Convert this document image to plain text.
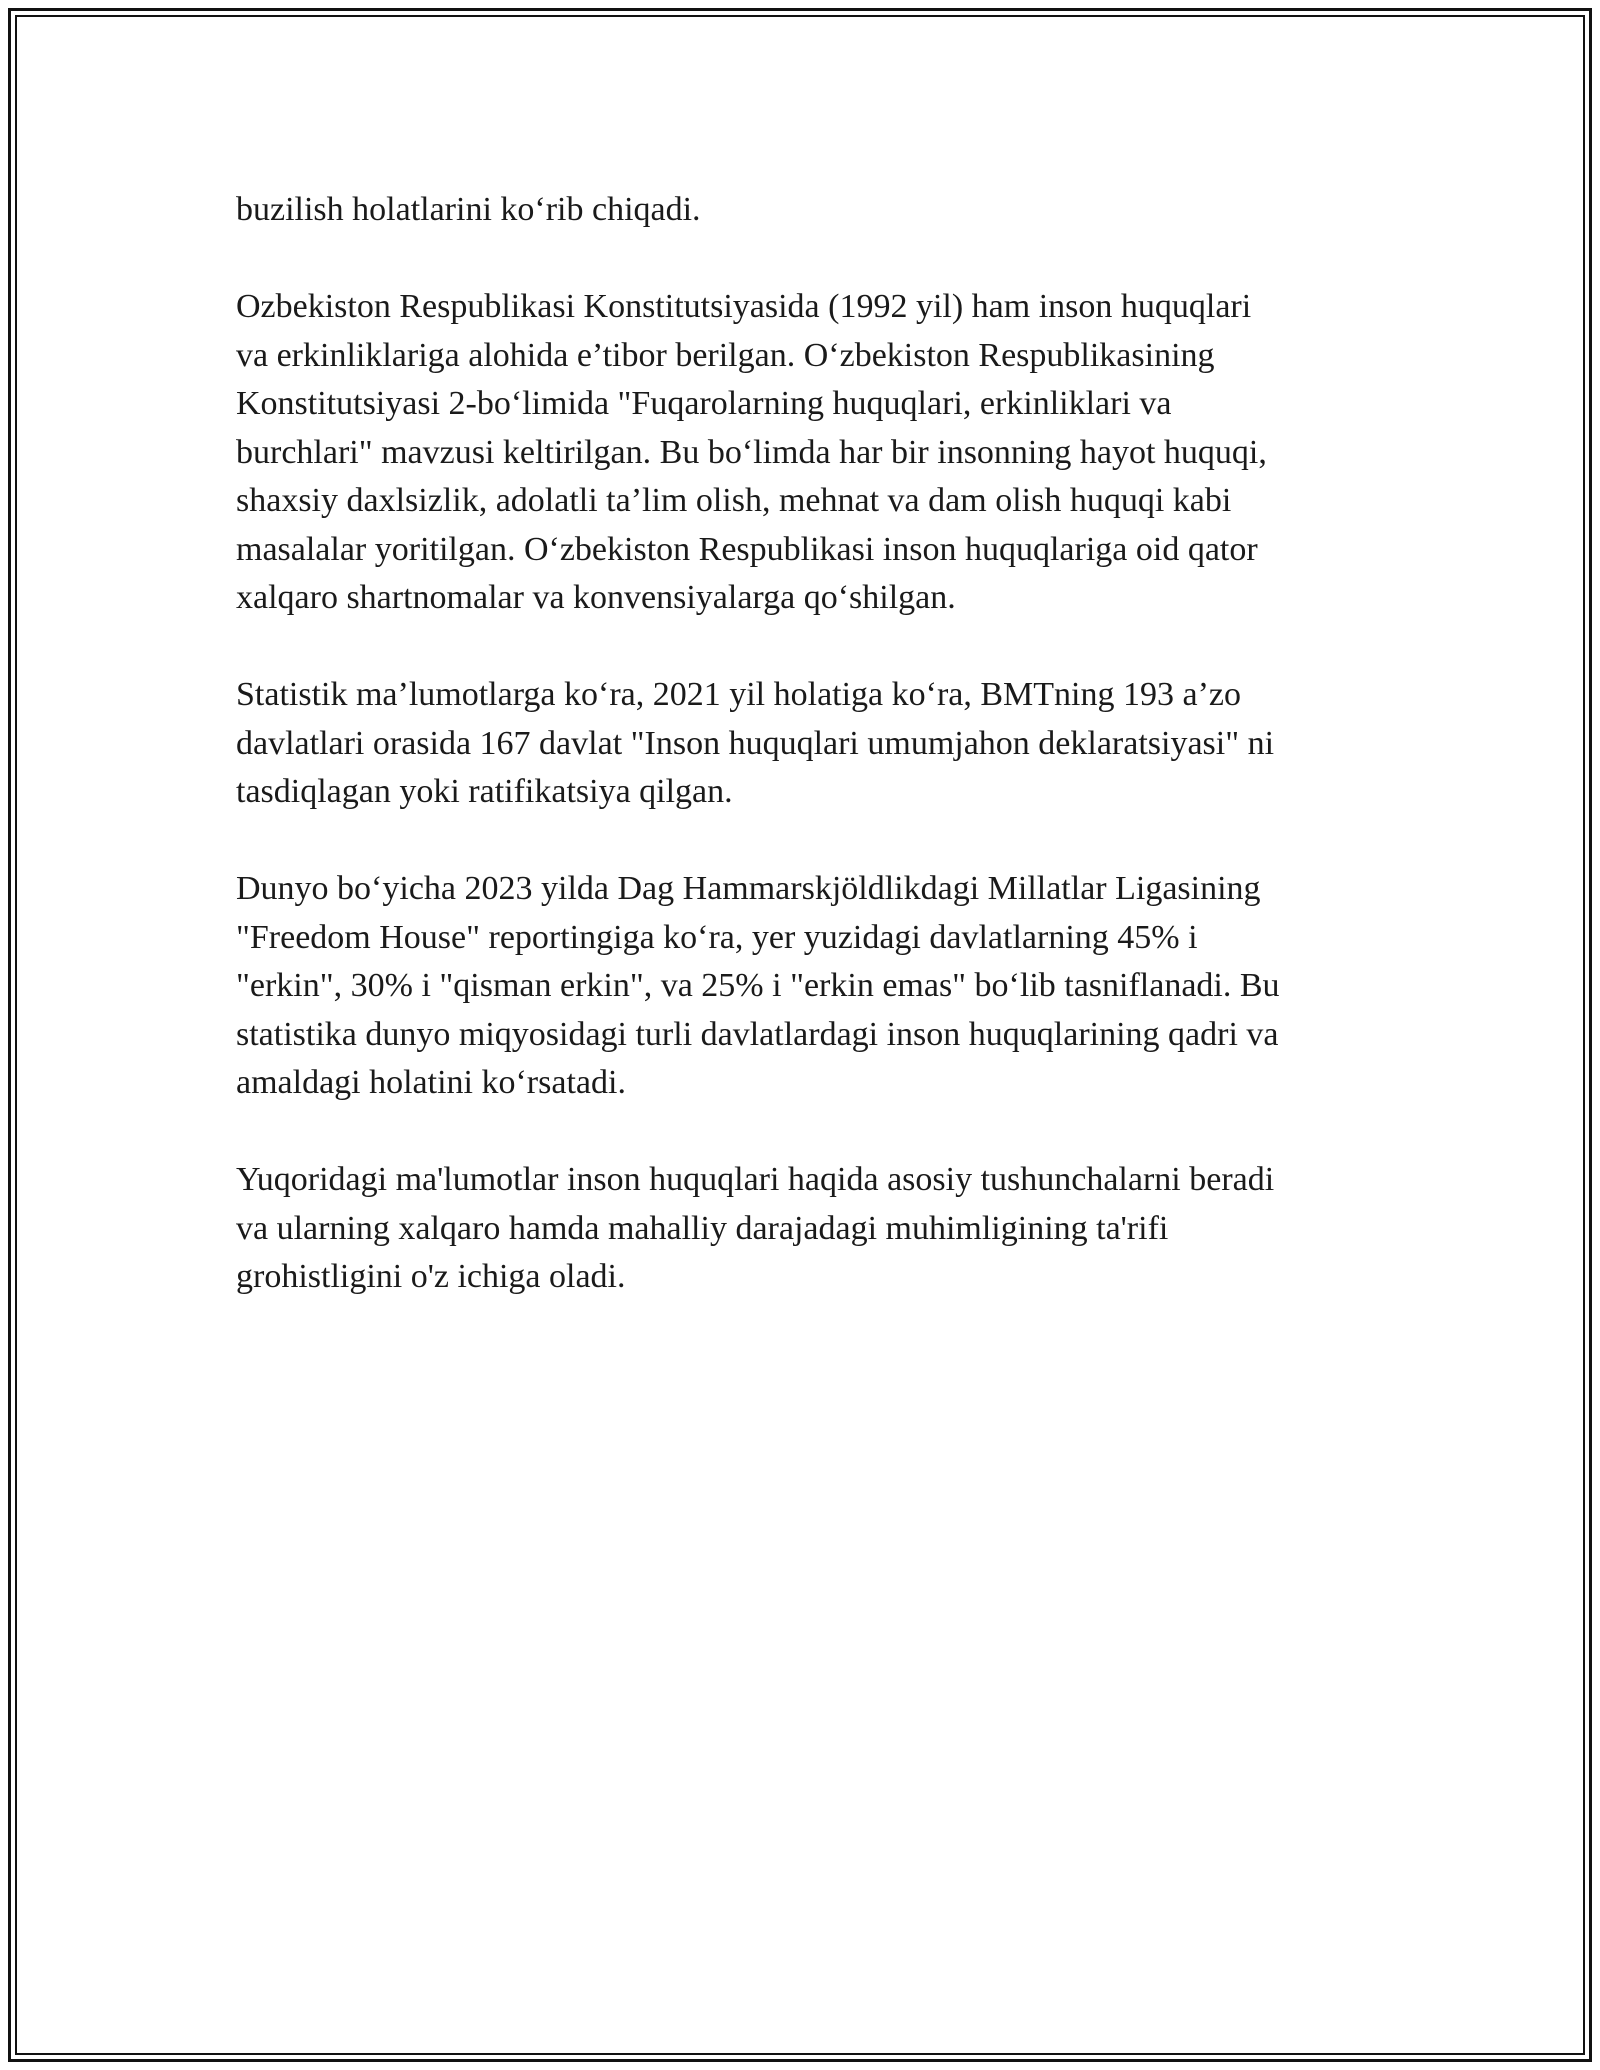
buzilish holatlarini ko‘rib chiqadi.

Ozbekiston Respublikasi Konstitutsiyasida (1992 yil) ham inson huquqlari
va erkinliklariga alohida e’tibor berilgan. O‘zbekiston Respublikasining
Konstitutsiyasi 2-bo‘limida "Fuqarolarning huquqlari, erkinliklari va
burchlari" mavzusi keltirilgan. Bu bo‘limda har bir insonning hayot huquqi,
shaxsiy daxlsizlik, adolatli ta’lim olish, mehnat va dam olish huquqi kabi
masalalar yoritilgan. O‘zbekiston Respublikasi inson huquqlariga oid qator
xalqaro shartnomalar va konvensiyalarga qo‘shilgan.

Statistik ma’lumotlarga ko‘ra, 2021 yil holatiga ko‘ra, BMTning 193 a’zo
davlatlari orasida 167 davlat "Inson huquqlari umumjahon deklaratsiyasi" ni
tasdiqlagan yoki ratifikatsiya qilgan.

Dunyo bo‘yicha 2023 yilda Dag Hammarskjöldlikdagi Millatlar Ligasining
"Freedom House" reportingiga ko‘ra, yer yuzidagi davlatlarning 45% i
"erkin", 30% i "qisman erkin", va 25% i "erkin emas" bo‘lib tasniflanadi. Bu
statistika dunyo miqyosidagi turli davlatlardagi inson huquqlarining qadri va
amaldagi holatini ko‘rsatadi.

Yuqoridagi ma'lumotlar inson huquqlari haqida asosiy tushunchalarni beradi
va ularning xalqaro hamda mahalliy darajadagi muhimligining ta'rifi
grohistligini o'z ichiga oladi.
